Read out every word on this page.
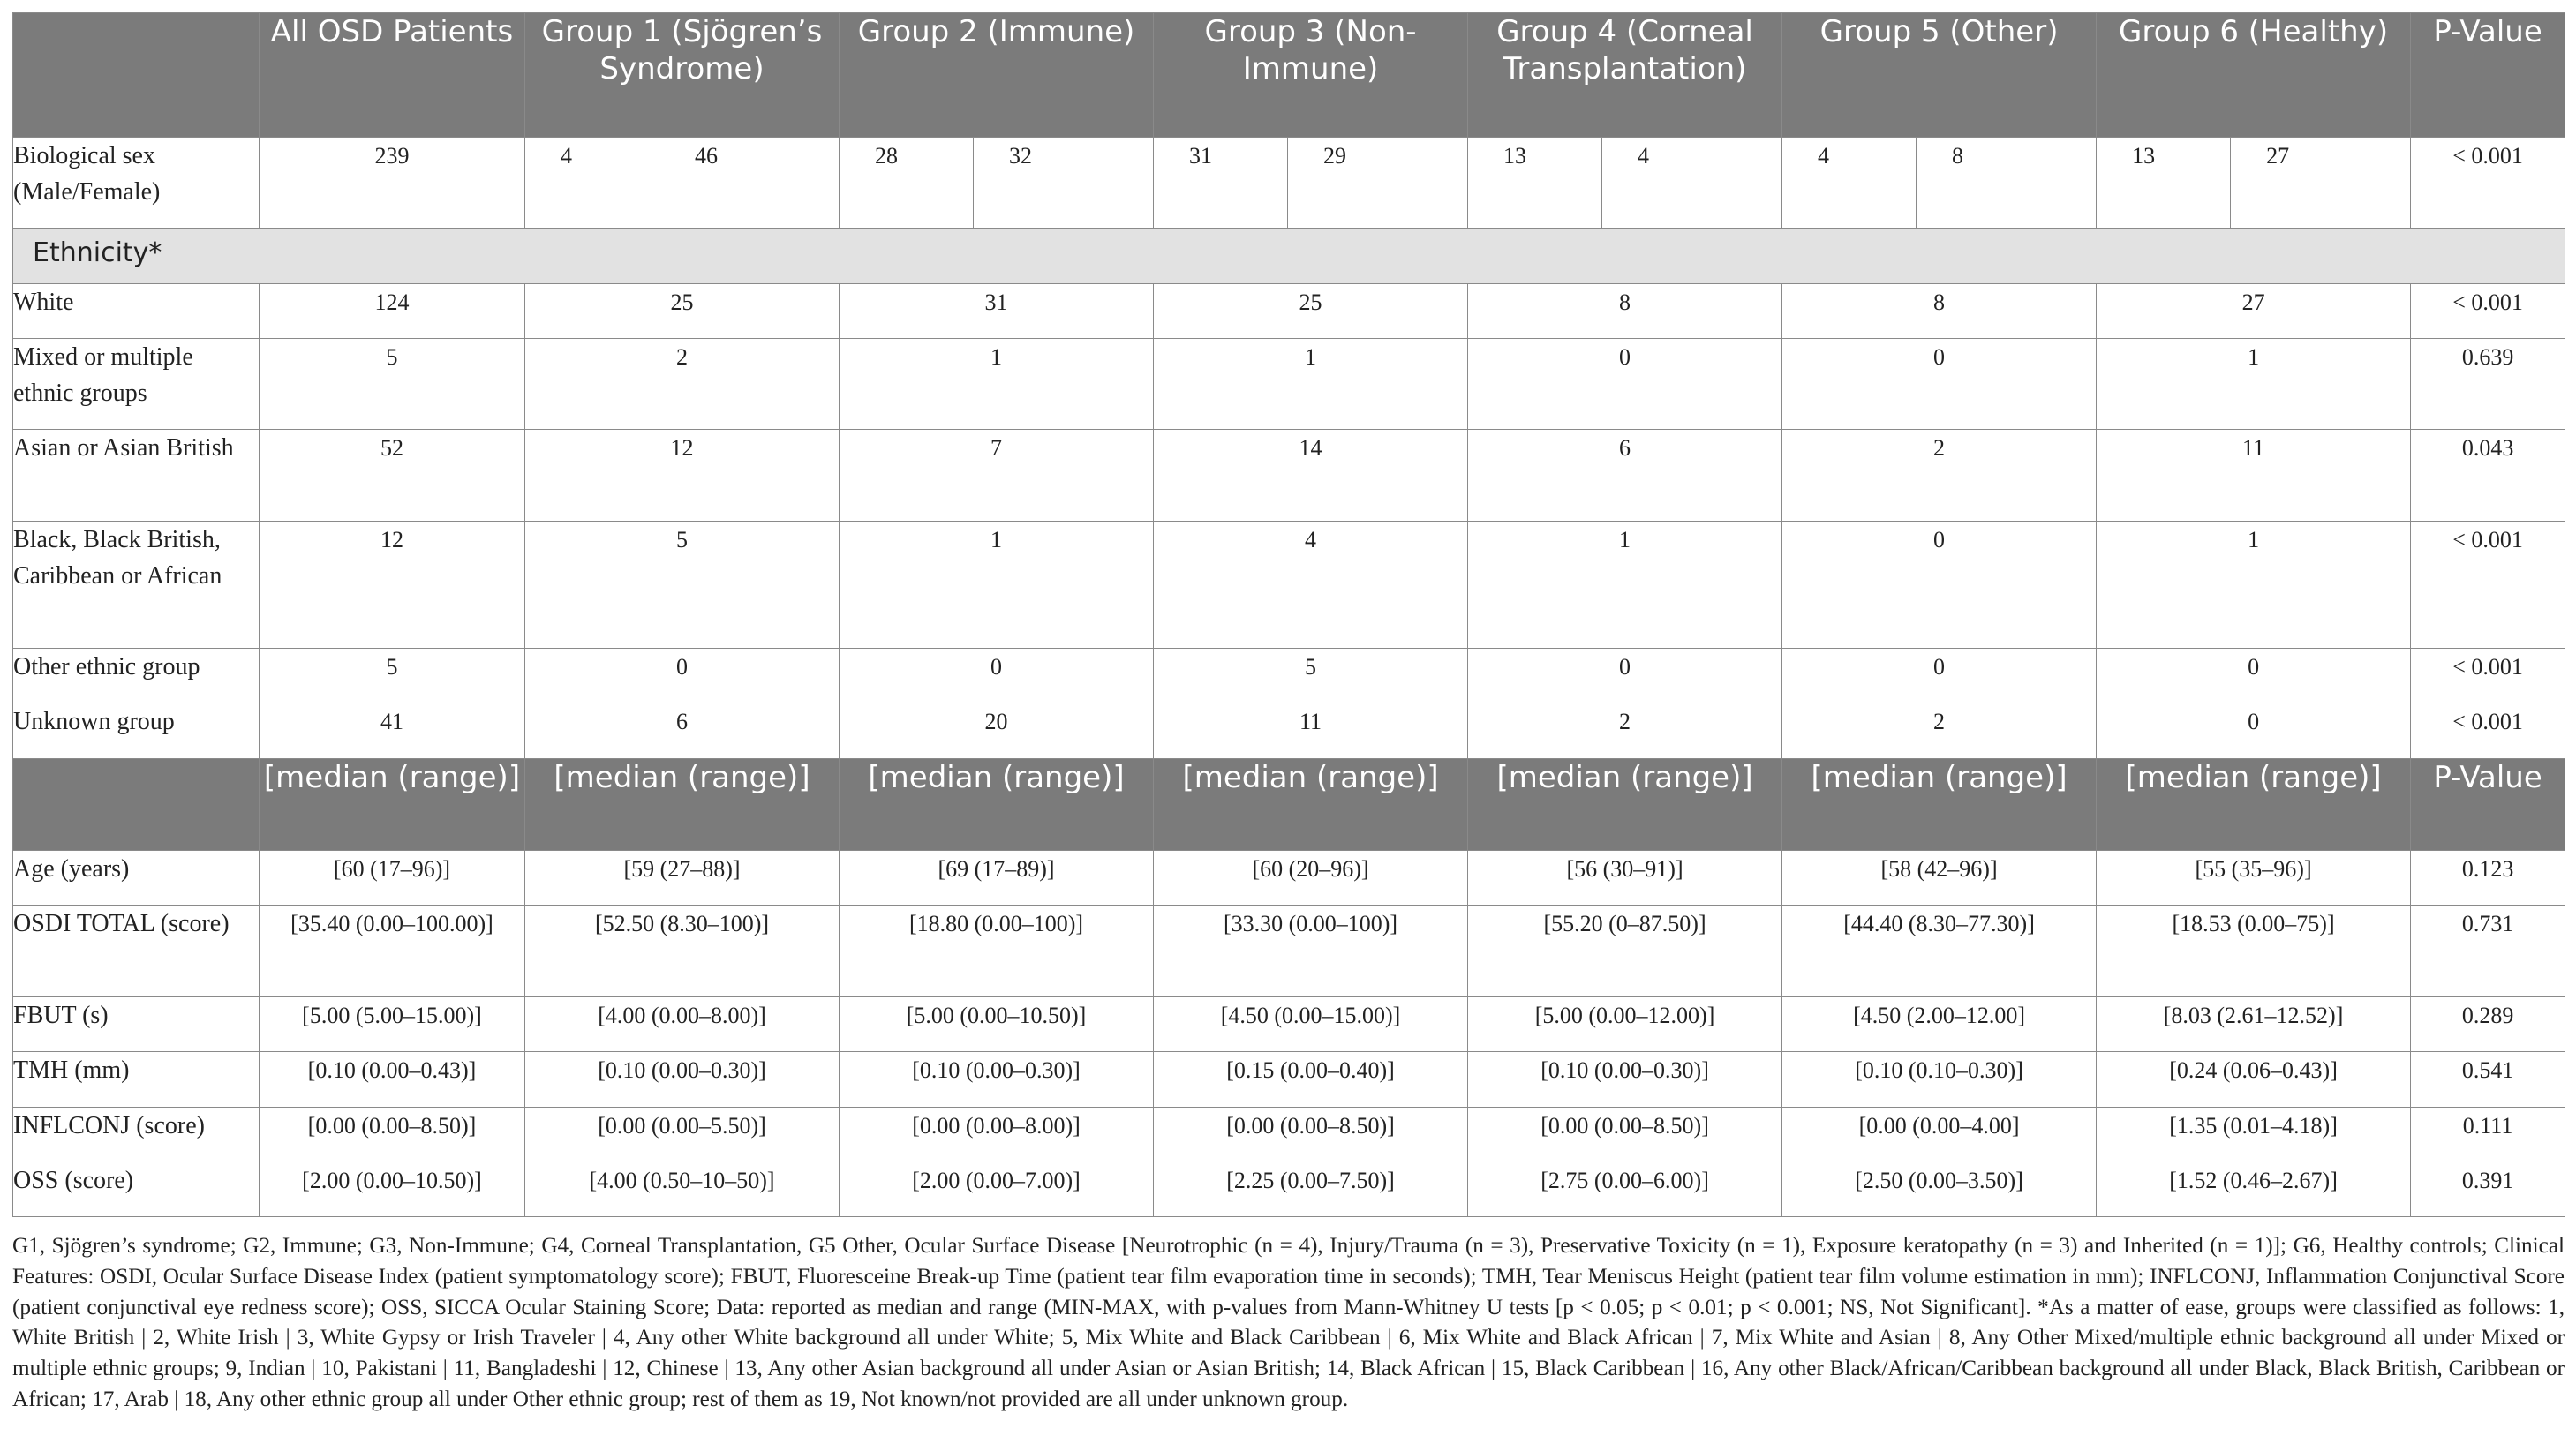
	All OSD Patients	Group 1 (Sjögren’s Syndrome)		Group 2 (Immune)		Group 3 (Non-Immune)		Group 4 (Corneal Transplantation)		Group 5 (Other)		Group 6 (Healthy)		P-Value
Biological sex (Male/Female)	239	4	46	28	32	31	29	13	4	4	8	13	27	< 0.001
Ethnicity*														
White	124	25		31		25		8		8		27		< 0.001
Mixed or multiple ethnic groups	5	2		1		1		0		0		1		0.639
Asian or Asian British	52	12		7		14		6		2		11		0.043
Black, Black British, Caribbean or African	12	5		1		4		1		0		1		< 0.001
Other ethnic group	5	0		0		5		0		0		0		< 0.001
Unknown group	41	6		20		11		2		2		0		< 0.001
	[median (range)]	[median (range)]		[median (range)]		[median (range)]		[median (range)]		[median (range)]		[median (range)]		P-Value
Age (years)	[60 (17–96)]	[59 (27–88)]		[69 (17–89)]		[60 (20–96)]		[56 (30–91)]		[58 (42–96)]		[55 (35–96)]		0.123
OSDI TOTAL (score)	[35.40 (0.00–100.00)]	[52.50 (8.30–100)]		[18.80 (0.00–100)]		[33.30 (0.00–100)]		[55.20 (0–87.50)]		[44.40 (8.30–77.30)]		[18.53 (0.00–75)]		0.731
FBUT (s)	[5.00 (5.00–15.00)]	[4.00 (0.00–8.00)]		[5.00 (0.00–10.50)]		[4.50 (0.00–15.00)]		[5.00 (0.00–12.00)]		[4.50 (2.00–12.00]		[8.03 (2.61–12.52)]		0.289
TMH (mm)	[0.10 (0.00–0.43)]	[0.10 (0.00–0.30)]		[0.10 (0.00–0.30)]		[0.15 (0.00–0.40)]		[0.10 (0.00–0.30)]		[0.10 (0.10–0.30)]		[0.24 (0.06–0.43)]		0.541
INFLCONJ (score)	[0.00 (0.00–8.50)]	[0.00 (0.00–5.50)]		[0.00 (0.00–8.00)]		[0.00 (0.00–8.50)]		[0.00 (0.00–8.50)]		[0.00 (0.00–4.00]		[1.35 (0.01–4.18)]		0.111
OSS (score)	[2.00 (0.00–10.50)]	[4.00 (0.50–10–50)]		[2.00 (0.00–7.00)]		[2.25 (0.00–7.50)]		[2.75 (0.00–6.00)]		[2.50 (0.00–3.50)]		[1.52 (0.46–2.67)]		0.391
G1, Sjögren’s syndrome; G2, Immune; G3, Non-Immune; G4, Corneal Transplantation, G5 Other, Ocular Surface Disease [Neurotrophic (n = 4), Injury/Trauma (n = 3), Preservative Toxicity (n = 1), Exposure keratopathy (n = 3) and Inherited (n = 1)]; G6, Healthy controls; Clinical Features: OSDI, Ocular Surface Disease Index (patient symptomatology score); FBUT, Fluoresceine Break-up Time (patient tear film evaporation time in seconds); TMH, Tear Meniscus Height (patient tear film volume estimation in mm); INFLCONJ, Inflammation Conjunctival Score (patient conjunctival eye redness score); OSS, SICCA Ocular Staining Score; Data: reported as median and range (MIN-MAX, with p-values from Mann-Whitney U tests [p < 0.05; p < 0.01; p < 0.001; NS, Not Significant]. *As a matter of ease, groups were classified as follows: 1, White British | 2, White Irish | 3, White Gypsy or Irish Traveler | 4, Any other White background all under White; 5, Mix White and Black Caribbean | 6, Mix White and Black African | 7, Mix White and Asian | 8, Any Other Mixed/multiple ethnic background all under Mixed or multiple ethnic groups; 9, Indian | 10, Pakistani | 11, Bangladeshi | 12, Chinese | 13, Any other Asian background all under Asian or Asian British; 14, Black African | 15, Black Caribbean | 16, Any other Black/African/Caribbean background all under Black, Black British, Caribbean or African; 17, Arab | 18, Any other ethnic group all under Other ethnic group; rest of them as 19, Not known/not provided are all under unknown group.
